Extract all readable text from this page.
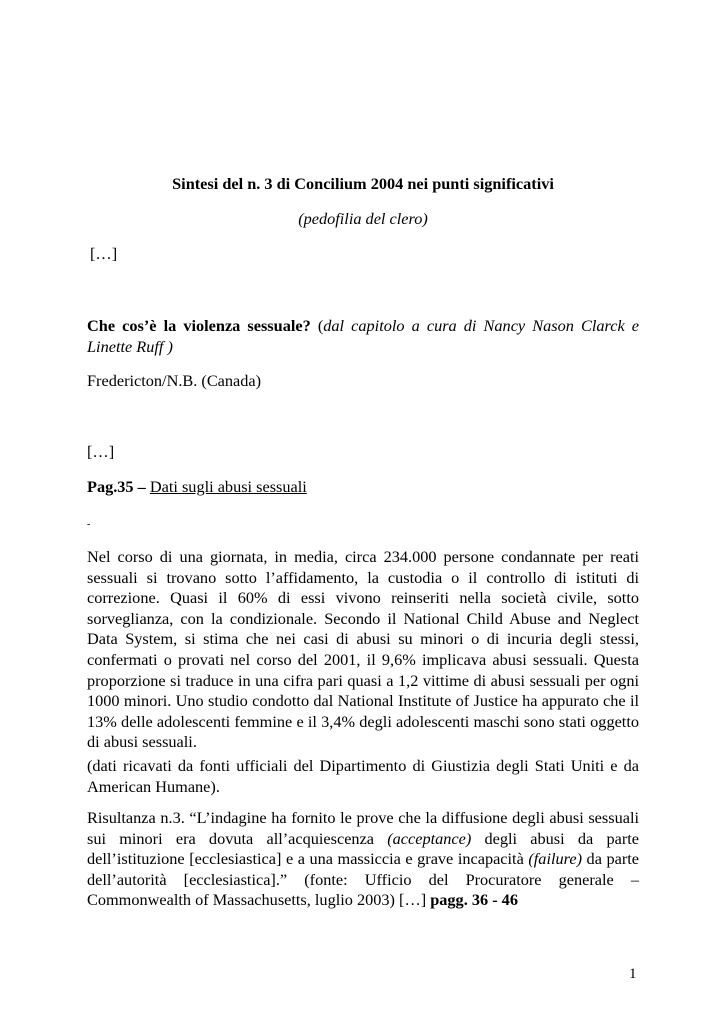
Sintesi del n. 3 di Concilium 2004 nei punti significativi
(pedofilia del clero)
[…]
Che cos’è la violenza sessuale? (dal capitolo a cura di Nancy Nason Clarck e Linette Ruff )
Fredericton/N.B. (Canada)
[…]
Pag.35 – Dati sugli abusi sessuali
-
Nel corso di una giornata, in media, circa 234.000 persone condannate per reati sessuali si trovano sotto l’affidamento, la custodia o il controllo di istituti di correzione. Quasi il 60% di essi vivono reinseriti nella società civile, sotto sorveglianza, con la condizionale. Secondo il National Child Abuse and Neglect Data System, si stima che nei casi di abusi su minori o di incuria degli stessi, confermati o provati nel corso del 2001, il 9,6% implicava abusi sessuali. Questa proporzione si traduce in una cifra pari quasi a 1,2 vittime di abusi sessuali per ogni 1000 minori. Uno studio condotto dal National Institute of Justice ha appurato che il 13% delle adolescenti femmine e il 3,4% degli adolescenti maschi sono stati oggetto di abusi sessuali.
(dati ricavati da fonti ufficiali del Dipartimento di Giustizia degli Stati Uniti e da American Humane).
Risultanza n.3. “L’indagine ha fornito le prove che la diffusione degli abusi sessuali sui minori era dovuta all’acquiescenza (acceptance) degli abusi da parte dell’istituzione [ecclesiastica] e a una massiccia e grave incapacità (failure) da parte dell’autorità [ecclesiastica].” (fonte: Ufficio del Procuratore generale – Commonwealth of Massachusetts, luglio 2003) […] pagg. 36 - 46
1
